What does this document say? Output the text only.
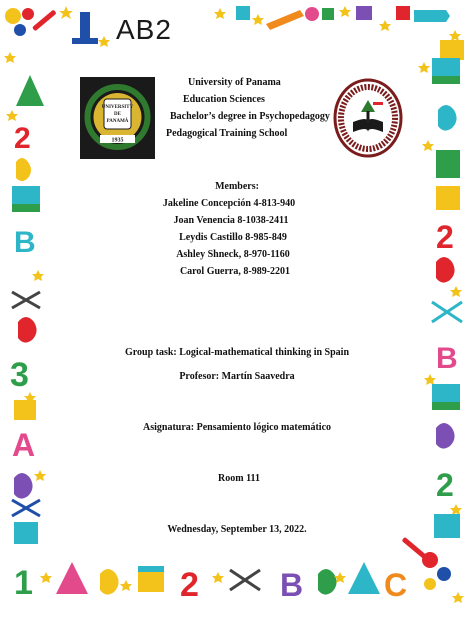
2
B
3
A
2
B
2
1	2	B	C
AB2
UNIVERSITY
DE
PANAMÁ
1935
University of Panama
Education Sciences
Bachelor’s degree in Psychopedagogy
Pedagogical Training School
Members:
Jakeline Concepción 4-813-940
Joan Venencia 8-1038-2411
Leydis Castillo 8-985-849
Ashley Shneck, 8-970-1160
Carol Guerra, 8-989-2201
Group task: Logical-mathematical thinking in Spain
Profesor: Martín Saavedra
Asignatura: Pensamiento lógico matemático
Room 111
Wednesday, September 13, 2022.
